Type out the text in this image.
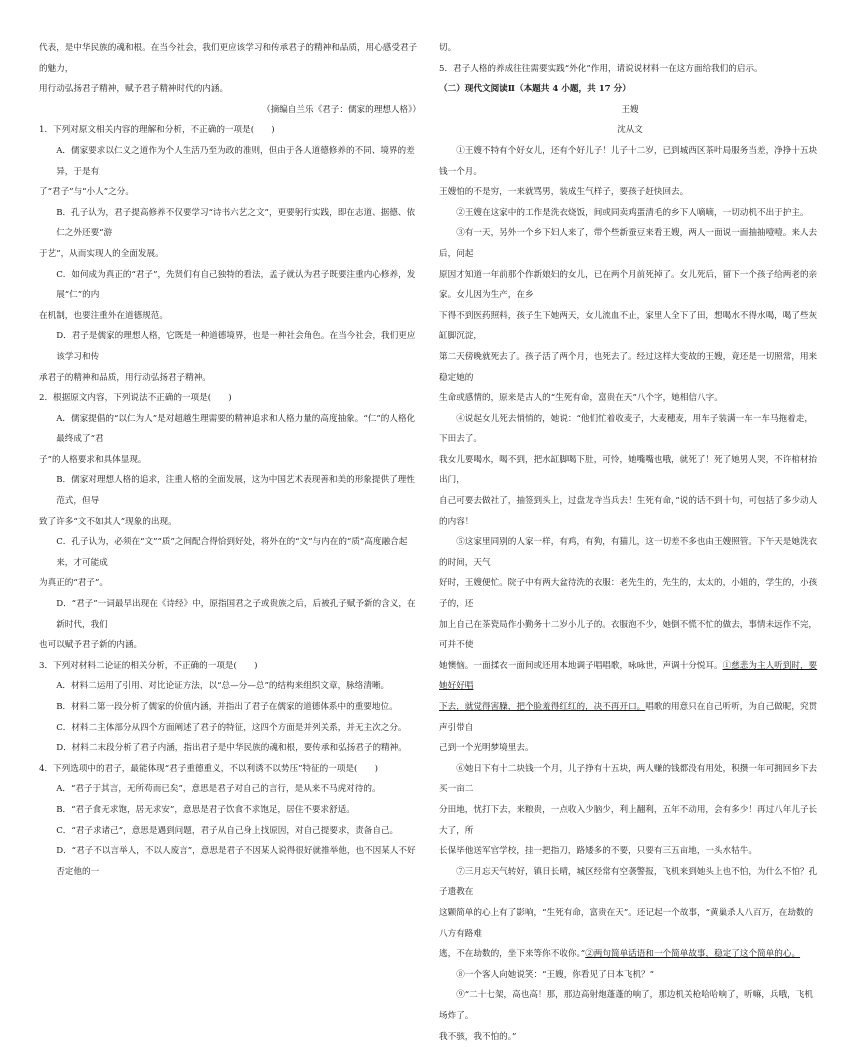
代表，是中华民族的魂和根。在当今社会，我们更应该学习和传承君子的精神和品质，用心感受君子的魅力，

用行动弘扬君子精神，赋予君子精神时代的内涵。

（摘编自兰乐《君子：儒家的理想人格》）

1．下列对原文相关内容的理解和分析，不正确的一项是(　　)

A．儒家要求以仁义之道作为个人生活乃至为政的准则，但由于各人道德修养的不同、境界的差异，于是有

了“君子”与“小人”之分。

B．孔子认为，君子提高修养不仅要学习“诗书六艺之文”，更要躬行实践，即在志道、据德、依仁之外还要“游

于艺”，从而实现人的全面发展。

C．如何成为真正的“君子”，先贤们有自己独特的看法，孟子就认为君子既要注重内心修养，发展“仁”的内

在机制，也要注重外在道德规范。

D．君子是儒家的理想人格，它既是一种道德境界，也是一种社会角色。在当今社会，我们更应该学习和传

承君子的精神和品质，用行动弘扬君子精神。

2．根据原文内容，下列说法不正确的一项是(　　)

A．儒家提倡的“以仁为人”是对超越生理需要的精神追求和人格力量的高度抽象。“仁”的人格化最终成了“君

子”的人格要求和具体显现。

B．儒家对理想人格的追求，注重人格的全面发展，这为中国艺术表现善和美的形象提供了理性范式，但导

致了许多“文不如其人”现象的出现。

C．孔子认为，必须在“文”“质”之间配合得恰到好处，将外在的“文”与内在的“质”高度融合起来，才可能成

为真正的“君子”。

D．“君子”一词最早出现在《诗经》中，原指国君之子或贵族之后，后被孔子赋予新的含义，在新时代，我们

也可以赋予君子新的内涵。

3．下列对材料二论证的相关分析，不正确的一项是(　　)

A．材料二运用了引用、对比论证方法，以“总—分—总”的结构来组织文章，脉络清晰。

B．材料二第一段分析了儒家的价值内涵，并指出了君子在儒家的道德体系中的重要地位。

C．材料二主体部分从四个方面阐述了君子的特征，这四个方面是并列关系，并无主次之分。

D．材料二末段分析了君子内涵，指出君子是中华民族的魂和根，要传承和弘扬君子的精神。

4．下列选项中的君子，最能体现“君子重德重义，不以利诱不以势压”特征的一项是(　　)

A．“君子于其言，无所苟而已矣”，意思是君子对自己的言行，是从来不马虎对待的。

B．“君子食无求饱，居无求安”，意思是君子饮食不求饱足，居住不要求舒适。

C．“君子求诸己”，意思是遇到问题，君子从自己身上找原因，对自己提要求，责备自己。

D．“君子不以言举人，不以人废言”，意思是君子不因某人说得很好就推举他，也不因某人不好否定他的一

切。

5．君子人格的养成往往需要实践“外化”作用，请说说材料一在这方面给我们的启示。

（二）现代文阅读Ⅱ（本题共 4 小题，共 17 分）

王嫂

沈从文

①王嫂不特有个好女儿，还有个好儿子！儿子十二岁，已到城西区茶叶局服务当差，净挣十五块钱一个月。

王嫂怕的不是穷，一来就骂男，装成生气样子，要孩子赶快回去。

②王嫂在这家中的工作是洗衣烧饭，间或同卖鸡蛋清毛的乡下人嘀嘀，一切动机不出于护主。

③有一天，另外一个乡下妇人来了，带个些新蚕豆来看王嫂，两人一面说一面抽抽噎噎。来人去后，问起

原因才知道一年前那个作新娘妇的女儿，已在两个月前死掉了。女儿死后，留下一个孩子给两老的亲家。女儿因为生产，在乡

下得不到医药照料，孩子生下她两天，女儿流血不止，家里人全下了田，想喝水不得水喝，喝了些灰缸脚沉淀，

第二天傍晚就死去了。孩子活了两个月，也死去了。经过这样大变故的王嫂，竟还是一切照常，用来稳定她的

生命或感情的，原来是古人的“生死有命，富贵在天”八个字，她相信八字。

④说起女儿死去悄悄的，她说：“他们忙着收麦子，大麦穗麦，用车子装满一车一车马拖着走，下田去了。

我女儿要喝水，喝不到，把水缸脚喝下肚，可怜，她嘴嘴也哦，就死了！死了她男人哭，不许棺材抬出门，

自己可要去做社了，抽签到头上，过盘龙寺当兵去！生死有命，”说的话不到十句，可包括了多少动人的内容！

⑤这家里同别的人家一样，有鸡，有狗，有猫儿，这一切差不多也由王嫂照管。下午天是她洗衣的时间，天气

好时，王嫂便忙。院子中有两大盆待洗的衣服：老先生的，先生的，太太的，小姐的，学生的，小孩子的，还

加上自己在茶瓷局作小勤务十二岁小儿子的。衣服泡不少，她倒不慌不忙的做去，事情未远作不完，可并不使

她懊恼。一面揉衣一面间或还用本地调子唱唱歌，咏咏世，声调十分悦耳。①慈悲为主人听到时，要她好好唱

下去，就觉得害臊，把个脸羞得红红的，决不再开口。唱歌的用意只在自己听听，为自己做昵，究贯声引带自

己到一个光明梦境里去。

⑥她日下有十二块钱一个月，儿子挣有十五块，两人赚的钱都没有用处，积攒一年可拥回乡下去买一亩二

分田地，忧打下去，来粮贵，一点收入少脑少，利上翻利，五年不动用，会有多少！再过八年儿子长大了，所

长保毕他送军官学校，挂一把指刀，路矮多的不要，只要有三五亩地，一头水牯牛。

⑦三月忘天气转好，镇日长晴，城区经常有空袭警报，飞机来到她头上也不怕，为什么不怕？孔子遗教在

这颗简单的心上有了影响，“生死有命，富贵在天”。还记起一个故事，“黄巢杀人八百万，在劫数的八方有路难

逃，不在劫数的，坐下来等你不收你。”②两句简单话语和一个简单故事，稳定了这个简单的心。

⑧一个客人向她说笑：“王嫂，你看见了日本飞机？”

⑨“二十七架，高也高！那，那边高射炮蓬蓬的响了，那边机关枪哈哈响了，听嘛，兵哦，飞机场炸了。

我不骇，我不怕的。”
